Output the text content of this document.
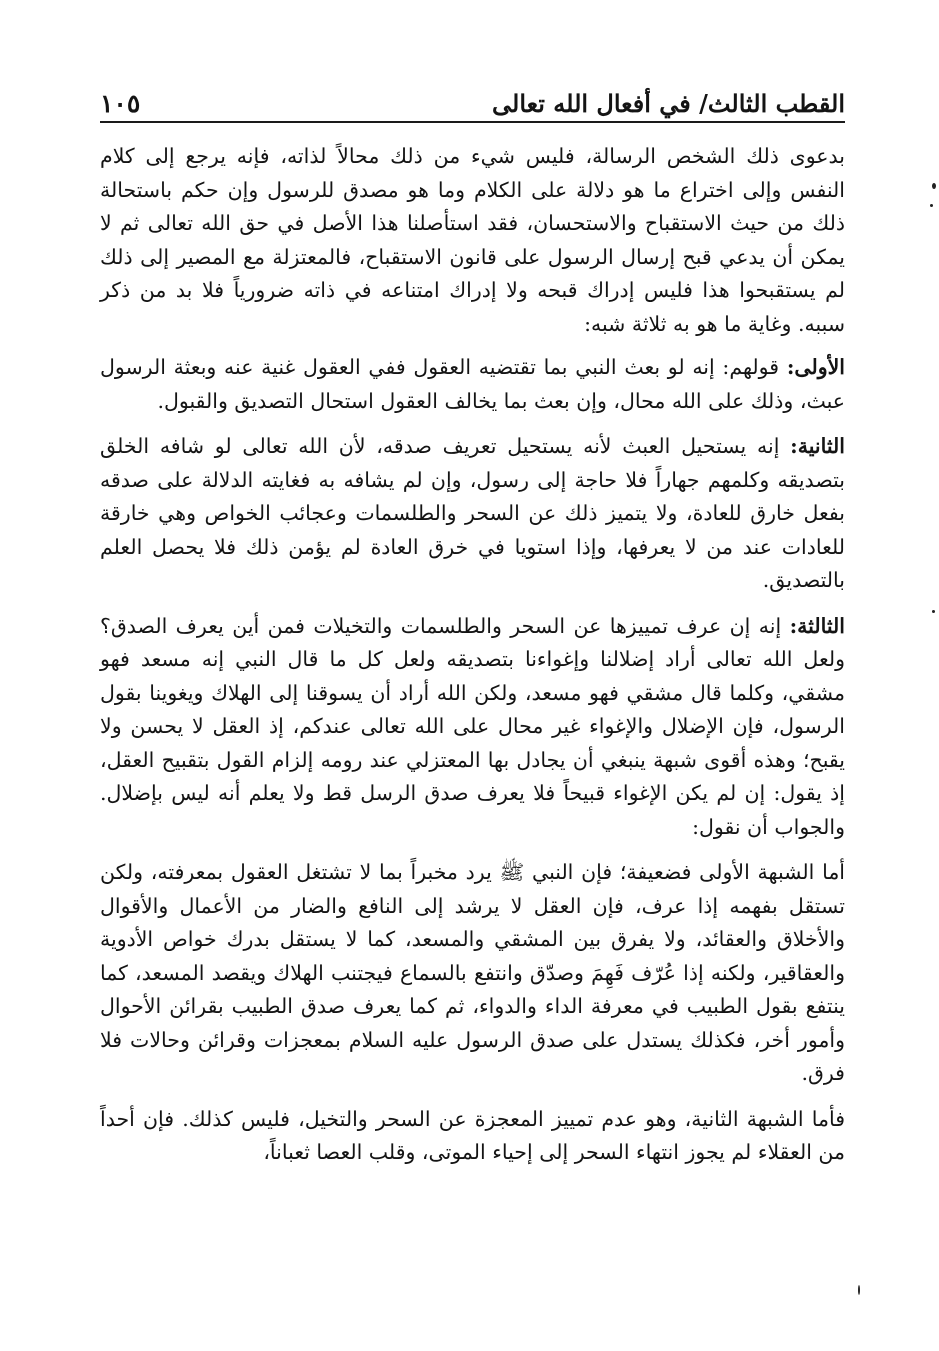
القطب الثالث/ في أفعال الله تعالى
١٠٥

بدعوى ذلك الشخص الرسالة، فليس شيء من ذلك محالاً لذاته، فإنه يرجع إلى كلام النفس وإلى اختراع ما هو دلالة على الكلام وما هو مصدق للرسول وإن حكم باستحالة ذلك من حيث الاستقباح والاستحسان، فقد استأصلنا هذا الأصل في حق الله تعالى ثم لا يمكن أن يدعي قبح إرسال الرسول على قانون الاستقباح، فالمعتزلة مع المصير إلى ذلك لم يستقبحوا هذا فليس إدراك قبحه ولا إدراك امتناعه في ذاته ضرورياً فلا بد من ذكر سببه. وغاية ما هو به ثلاثة شبه:

الأولى: قولهم: إنه لو بعث النبي بما تقتضيه العقول ففي العقول غنية عنه وبعثة الرسول عبث، وذلك على الله محال، وإن بعث بما يخالف العقول استحال التصديق والقبول.

الثانية: إنه يستحيل العبث لأنه يستحيل تعريف صدقه، لأن الله تعالى لو شافه الخلق بتصديقه وكلمهم جهاراً فلا حاجة إلى رسول، وإن لم يشافه به فغايته الدلالة على صدقه بفعل خارق للعادة، ولا يتميز ذلك عن السحر والطلسمات وعجائب الخواص وهي خارقة للعادات عند من لا يعرفها، وإذا استويا في خرق العادة لم يؤمن ذلك فلا يحصل العلم بالتصديق.

الثالثة: إنه إن عرف تمييزها عن السحر والطلسمات والتخيلات فمن أين يعرف الصدق؟ ولعل الله تعالى أراد إضلالنا وإغواءنا بتصديقه ولعل كل ما قال النبي إنه مسعد فهو مشقي، وكلما قال مشقي فهو مسعد، ولكن الله أراد أن يسوقنا إلى الهلاك ويغوينا بقول الرسول، فإن الإضلال والإغواء غير محال على الله تعالى عندكم، إذ العقل لا يحسن ولا يقبح؛ وهذه أقوى شبهة ينبغي أن يجادل بها المعتزلي عند رومه إلزام القول بتقبيح العقل، إذ يقول: إن لم يكن الإغواء قبيحاً فلا يعرف صدق الرسل قط ولا يعلم أنه ليس بإضلال. والجواب أن نقول:

أما الشبهة الأولى فضعيفة؛ فإن النبي ﷺ يرد مخبراً بما لا تشتغل العقول بمعرفته، ولكن تستقل بفهمه إذا عرف، فإن العقل لا يرشد إلى النافع والضار من الأعمال والأقوال والأخلاق والعقائد، ولا يفرق بين المشقي والمسعد، كما لا يستقل بدرك خواص الأدوية والعقاقير، ولكنه إذا عُرّف فَهِمَ وصدّق وانتفع بالسماع فيجتنب الهلاك ويقصد المسعد، كما ينتفع بقول الطبيب في معرفة الداء والدواء، ثم كما يعرف صدق الطبيب بقرائن الأحوال وأمور أخر، فكذلك يستدل على صدق الرسول عليه السلام بمعجزات وقرائن وحالات فلا فرق.

فأما الشبهة الثانية، وهو عدم تمييز المعجزة عن السحر والتخيل، فليس كذلك. فإن أحداً من العقلاء لم يجوز انتهاء السحر إلى إحياء الموتى، وقلب العصا ثعباناً،
